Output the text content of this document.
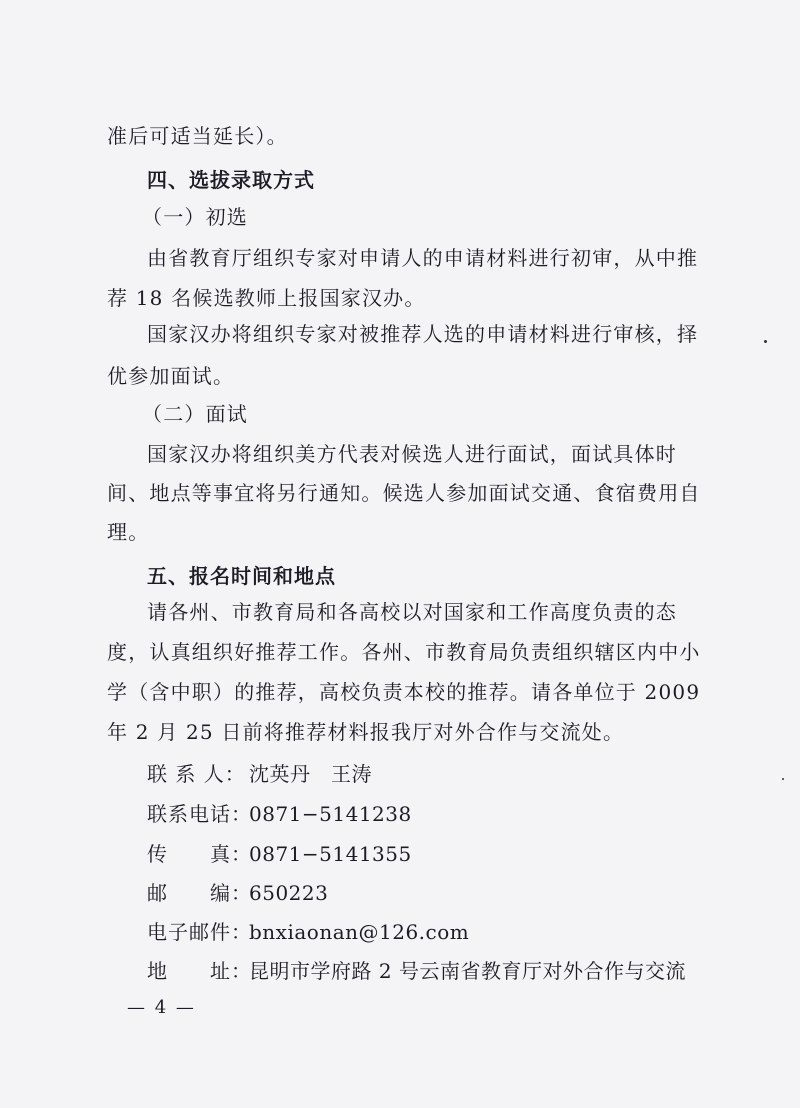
准后可适当延长）。
四、选拔录取方式
（一）初选
由省教育厅组织专家对申请人的申请材料进行初审，从中推
荐 18 名候选教师上报国家汉办。
国家汉办将组织专家对被推荐人选的申请材料进行审核，择
优参加面试。
（二）面试
国家汉办将组织美方代表对候选人进行面试，面试具体时
间、地点等事宜将另行通知。候选人参加面试交通、食宿费用自
理。
五、报名时间和地点
请各州、市教育局和各高校以对国家和工作高度负责的态
度，认真组织好推荐工作。各州、市教育局负责组织辖区内中小
学（含中职）的推荐，高校负责本校的推荐。请各单位于 2009
年 2 月 25 日前将推荐材料报我厅对外合作与交流处。
联 系 人： 沈英丹　王涛
联系电话：0871−5141238
传　　真：0871−5141355
邮　　编：650223
电子邮件：bnxiaonan@126.com
地　　址：昆明市学府路 2 号云南省教育厅对外合作与交流
— 4 —
